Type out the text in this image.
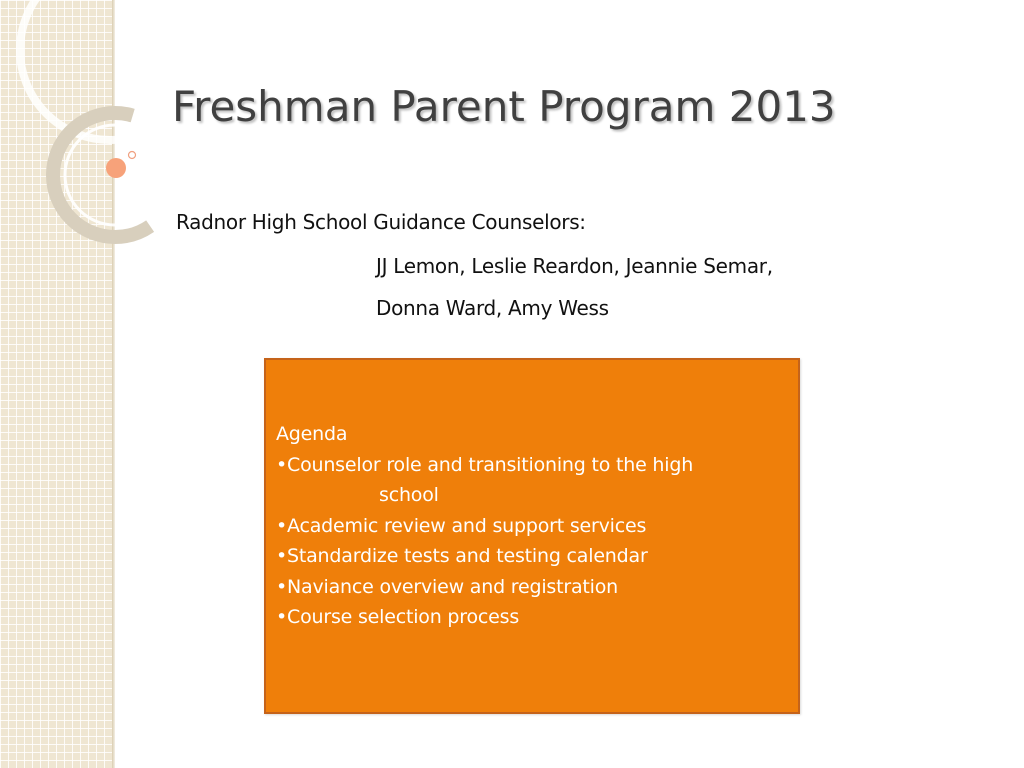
Freshman Parent Program 2013
Radnor High School Guidance Counselors:
JJ Lemon, Leslie Reardon, Jeannie Semar,
Donna Ward, Amy Wess
Agenda
•Counselor role and transitioning to the high
school
•Academic review and support services
•Standardize tests and testing calendar
•Naviance overview and registration
•Course selection process
